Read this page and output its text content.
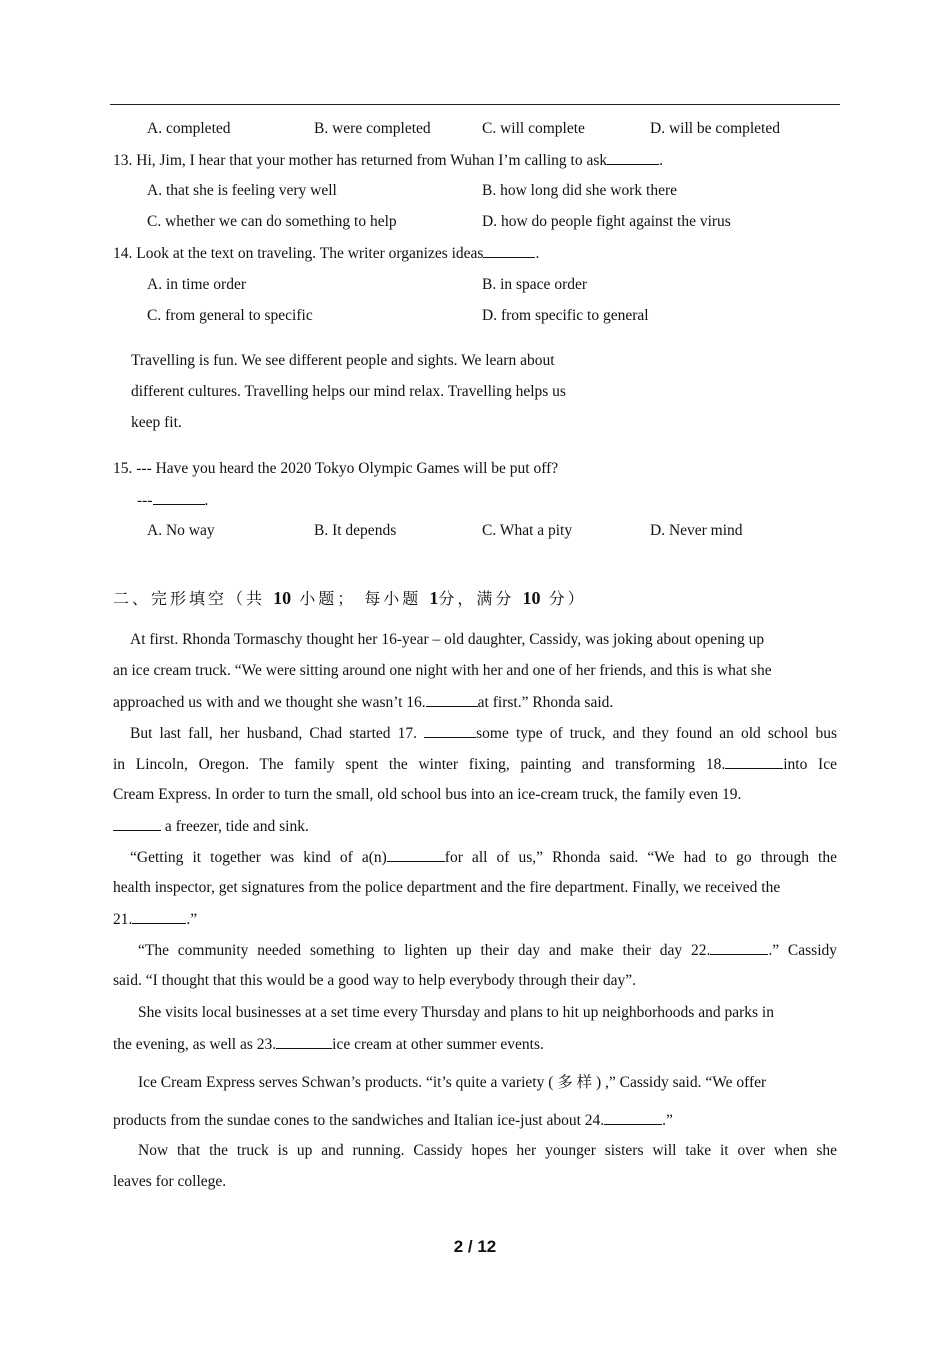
A. completed	B. were completed	C. will complete	D. will be completed
13. Hi, Jim, I hear that your mother has returned from Wuhan I’m calling to ask	.
A. that she is feeling very well	B. how long did she work there
C. whether we can do something to help	D. how do people fight against the virus
14. Look at the text on traveling. The writer organizes ideas	.
A. in time order	B. in space order
C. from general to specific	D. from specific to general
Travelling is fun. We see different people and sights. We learn about
different cultures. Travelling helps our mind relax. Travelling helps us
keep fit.
15. --- Have you heard the 2020 Tokyo Olympic Games will be put off?
---	.
A. No way	B. It depends	C. What a pity	D. Never mind
二、完形填空（共 10 小题； 每小题 1分，满分 10 分）
At first. Rhonda Tormaschy thought her 16-year – old daughter, Cassidy, was joking about opening up
an ice cream truck. “We were sitting around one night with her and one of her friends, and this is what she
approached us with and we thought she wasn’t 16.	at first.” Rhonda said.
But last fall, her husband, Chad started 17.	some type of truck, and they found an old school bus
in Lincoln, Oregon. The family spent the winter fixing, painting and transforming 18.	into Ice
Cream Express. In order to turn the small, old school bus into an ice-cream truck, the family even 19.
a freezer, tide and sink.
“Getting it together was kind of a(n)	for all of us,” Rhonda said. “We had to go through the
health inspector, get signatures from the police department and the fire department. Finally, we received the
21.	.”
“The community needed something to lighten up their day and make their day 22.	.” Cassidy
said. “I thought that this would be a good way to help everybody through their day”.
She visits local businesses at a set time every Thursday and plans to hit up neighborhoods and parks in
the evening, as well as 23.	ice cream at other summer events.
Ice Cream Express serves Schwan’s products. “it’s quite a variety ( 多 样 ) ,” Cassidy said. “We offer
products from the sundae cones to the sandwiches and Italian ice-just about 24.	.”
Now that the truck is up and running. Cassidy hopes her younger sisters will take it over when she
leaves for college.
2 / 12
